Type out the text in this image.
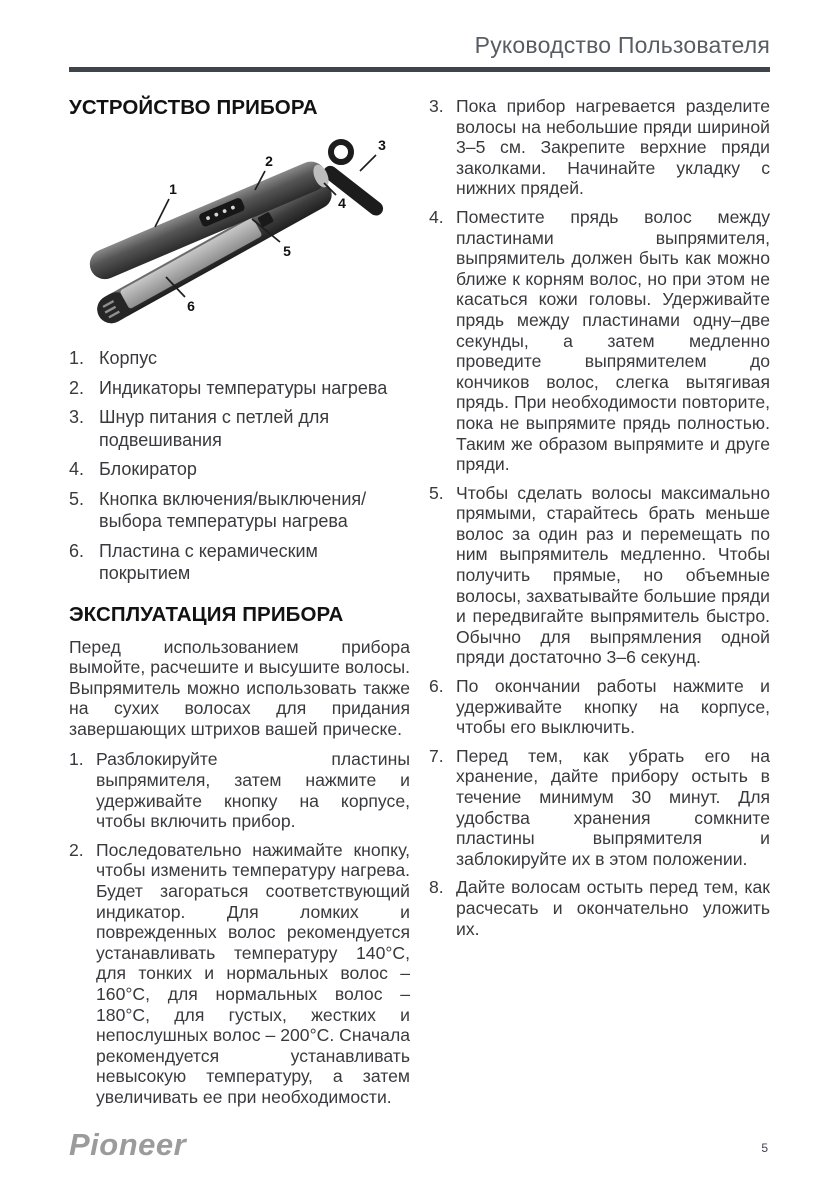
Руководство Пользователя
УСТРОЙСТВО ПРИБОРА
1
2
3
4
5
6
1. Корпус
2. Индикаторы температуры нагрева
3. Шнур питания с петлей для подвешивания
4. Блокиратор
5. Кнопка включения/выключения/​выбора температуры нагрева
6. Пластина с керамическим покрытием
ЭКСПЛУАТАЦИЯ ПРИБОРА

Перед использованием прибора вымойте, расчешите и высушите волосы. Выпрямитель можно использовать также на сухих волосах для придания завершающих штрихов вашей прическе.

1. Разблокируйте пластины выпрямителя, затем нажмите и удерживайте кнопку на корпусе, чтобы включить прибор.
2. Последовательно нажимайте кнопку, чтобы изменить температуру нагрева. Будет загораться соответствующий индикатор. Для ломких и поврежденных волос рекомендуется устанавливать температуру 140°С, для тонких и нормальных волос – 160°С, для нормальных волос – 180°С, для густых, жестких и непослушных волос – 200°С. Сначала рекомендуется устанавливать невысокую температуру, а затем увеличивать ее при необходимости.
3. Пока прибор нагревается разделите волосы на небольшие пряди шириной 3–5 см. Закрепите верхние пряди заколками. Начинайте укладку с нижних прядей.
4. Поместите прядь волос между пластинами выпрямителя, выпрямитель должен быть как можно ближе к корням волос, но при этом не касаться кожи головы. Удерживайте прядь между пластинами одну–две секунды, а затем медленно проведите выпрямителем до кончиков волос, слегка вытягивая прядь. При необходимости повторите, пока не выпрямите прядь полностью. Таким же образом выпрямите и друге пряди.
5. Чтобы сделать волосы максимально прямыми, старайтесь брать меньше волос за один раз и перемещать по ним выпрямитель медленно. Чтобы получить прямые, но объемные волосы, захватывайте большие пряди и передвигайте выпрямитель быстро. Обычно для выпрямления одной пряди достаточно 3–6 секунд.
6. По окончании работы нажмите и удерживайте кнопку на корпусе, чтобы его выключить.
7. Перед тем, как убрать его на хранение, дайте прибору остыть в течение минимум 30 минут. Для удобства хранения сомкните пластины выпрямителя и заблокируйте их в этом положении.
8. Дайте волосам остыть перед тем, как расчесать и окончательно уложить их.
Pioneer	5
